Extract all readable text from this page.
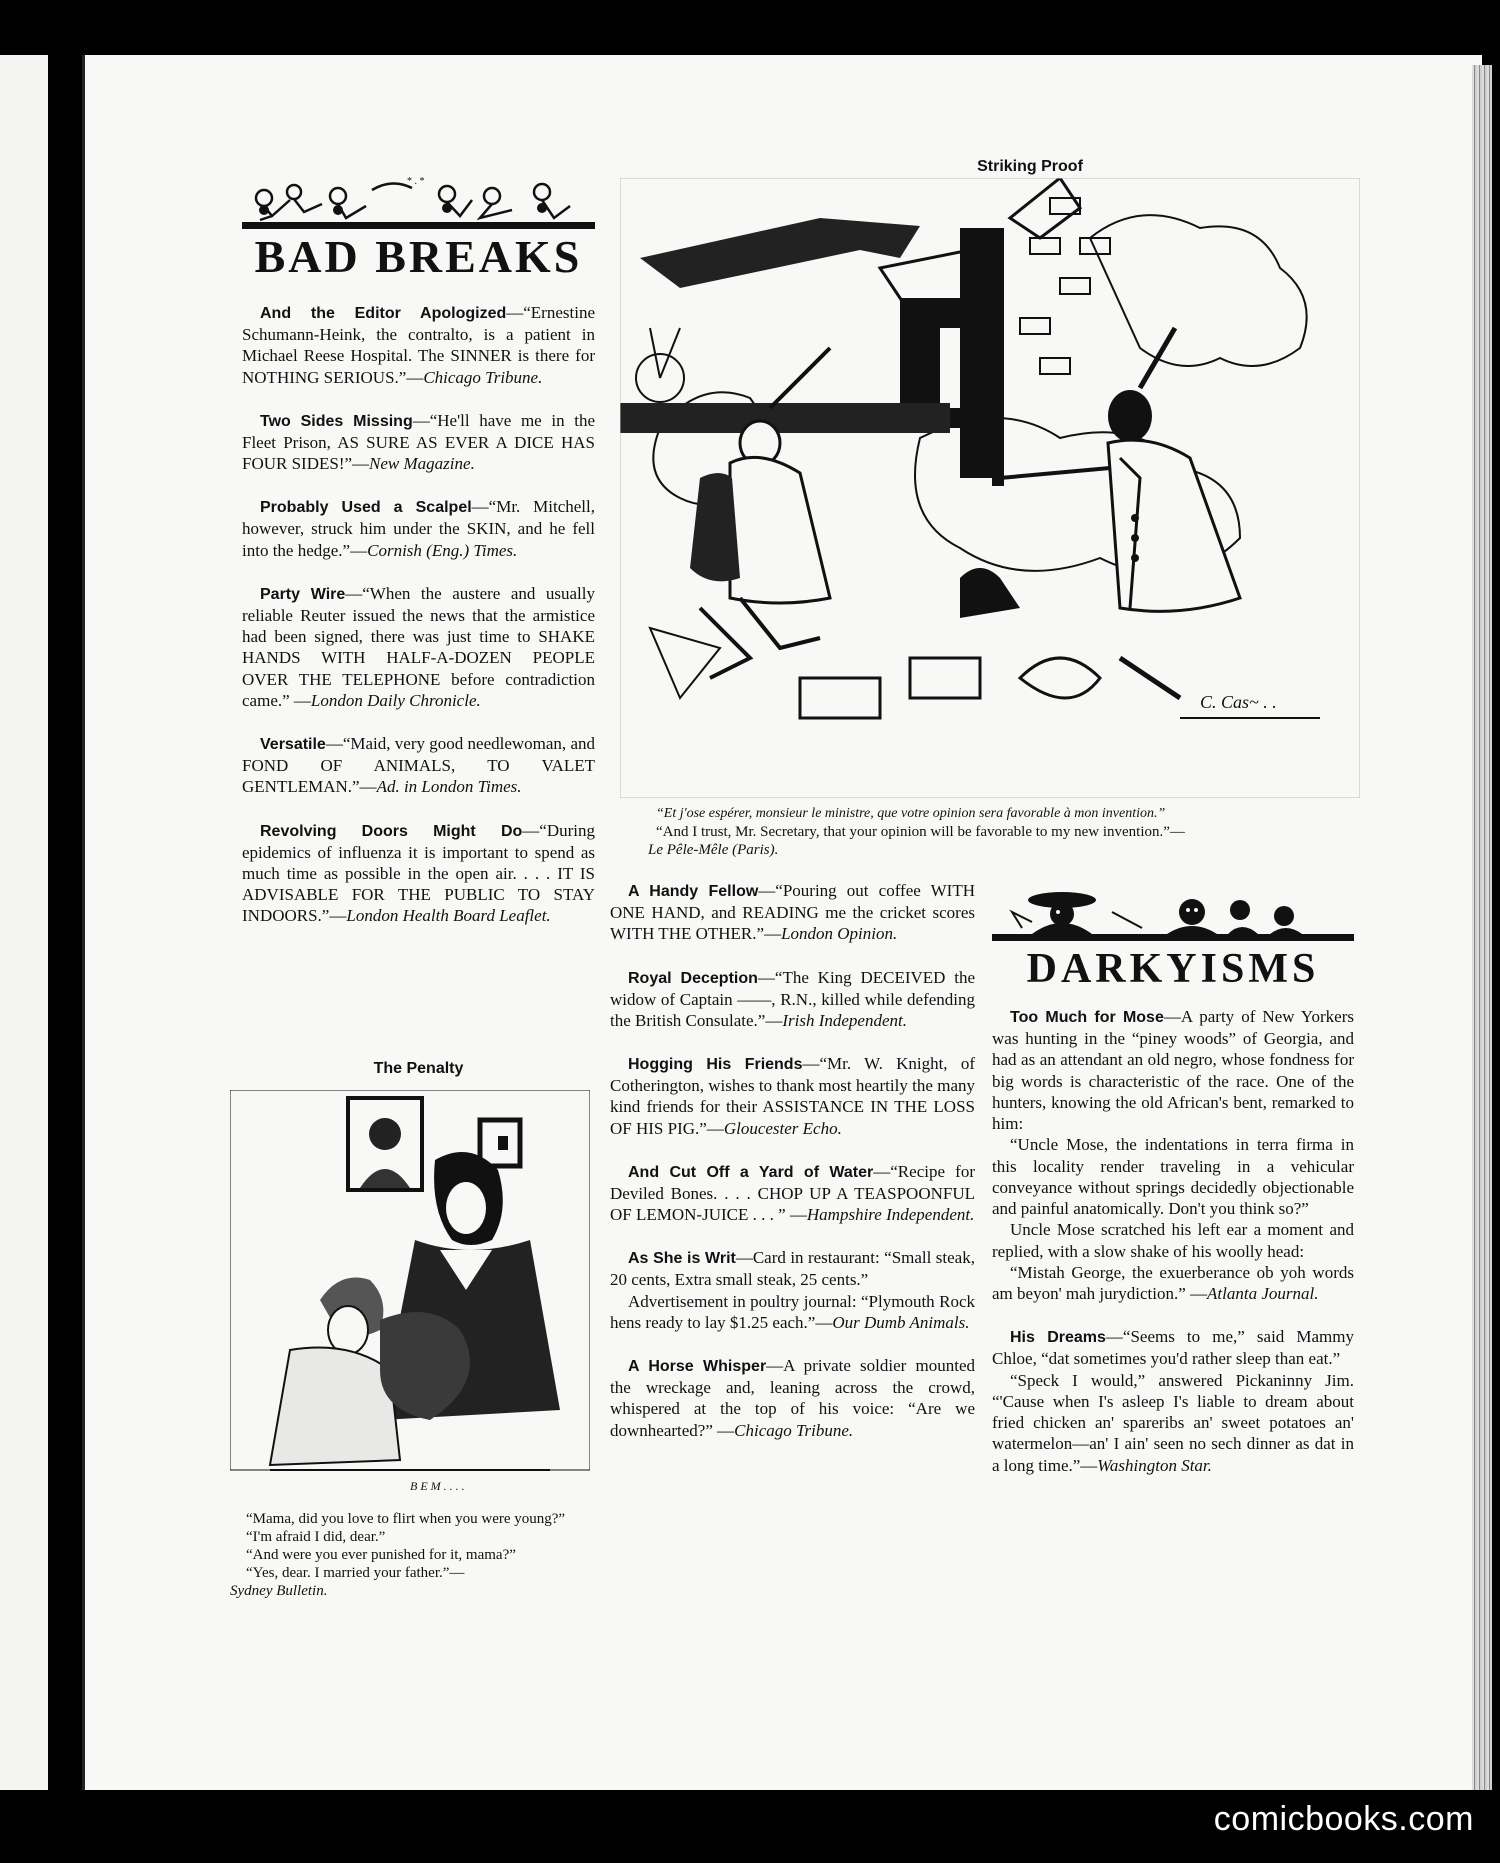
* . *
BAD BREAKS

And the Editor Apologized—“Ernestine Schumann-Heink, the contralto, is a patient in Michael Reese Hospital. The SINNER is there for NOTHING SERIOUS.”—Chicago Tribune.

Two Sides Missing—“He'll have me in the Fleet Prison, AS SURE AS EVER A DICE HAS FOUR SIDES!”—New Magazine.

Probably Used a Scalpel—“Mr. Mitchell, however, struck him under the SKIN, and he fell into the hedge.”—Cornish (Eng.) Times.

Party Wire—“When the austere and usually reliable Reuter issued the news that the armistice had been signed, there was just time to SHAKE HANDS WITH HALF-A-DOZEN PEOPLE OVER THE TELEPHONE before contradiction came.” —London Daily Chronicle.

Versatile—“Maid, very good needlewoman, and FOND OF ANIMALS, TO VALET GENTLEMAN.”—Ad. in London Times.

Revolving Doors Might Do—“During epidemics of influenza it is important to spend as much time as possible in the open air. . . . IT IS ADVISABLE FOR THE PUBLIC TO STAY INDOORS.”—London Health Board Leaflet.

The Penalty
B E M . . . .

“Mama, did you love to flirt when you were young?”

“I'm afraid I did, dear.”

“And were you ever punished for it, mama?”

“Yes, dear. I married your father.”—

Sydney Bulletin.

Striking Proof
C. Cas~ . .

“Et j'ose espérer, monsieur le ministre, que votre opinion sera favorable à mon invention.”

“And I trust, Mr. Secretary, that your opinion will be favorable to my new invention.”—

Le Pêle-Mêle (Paris).

A Handy Fellow—“Pouring out coffee WITH ONE HAND, and READING me the cricket scores WITH THE OTHER.”—London Opinion.

Royal Deception—“The King DECEIVED the widow of Captain ——, R.N., killed while defending the British Consulate.”—Irish Independent.

Hogging His Friends—“Mr. W. Knight, of Cotherington, wishes to thank most heartily the many kind friends for their ASSISTANCE IN THE LOSS OF HIS PIG.”—Gloucester Echo.

And Cut Off a Yard of Water—“Recipe for Deviled Bones. . . . CHOP UP A TEASPOONFUL OF LEMON-JUICE . . . ” —Hampshire Independent.

As She is Writ—Card in restaurant: “Small steak, 20 cents, Extra small steak, 25 cents.”

Advertisement in poultry journal: “Plymouth Rock hens ready to lay $1.25 each.”—Our Dumb Animals.

A Horse Whisper—A private soldier mounted the wreckage and, leaning across the crowd, whispered at the top of his voice: “Are we downhearted?” —Chicago Tribune.

DARKYISMS

Too Much for Mose—A party of New Yorkers was hunting in the “piney woods” of Georgia, and had as an attendant an old negro, whose fondness for big words is characteristic of the race. One of the hunters, knowing the old African's bent, remarked to him:

“Uncle Mose, the indentations in terra firma in this locality render traveling in a vehicular conveyance without springs decidedly objectionable and painful anatomically. Don't you think so?”

Uncle Mose scratched his left ear a moment and replied, with a slow shake of his woolly head:

“Mistah George, the exuerberance ob yoh words am beyon' mah jurydiction.” —Atlanta Journal.

His Dreams—“Seems to me,” said Mammy Chloe, “dat sometimes you'd rather sleep than eat.”

“Speck I would,” answered Pickaninny Jim. “'Cause when I's asleep I's liable to dream about fried chicken an' spareribs an' sweet potatoes an' watermelon—an' I ain' seen no sech dinner as dat in a long time.”—Washington Star.

comicbooks.com
